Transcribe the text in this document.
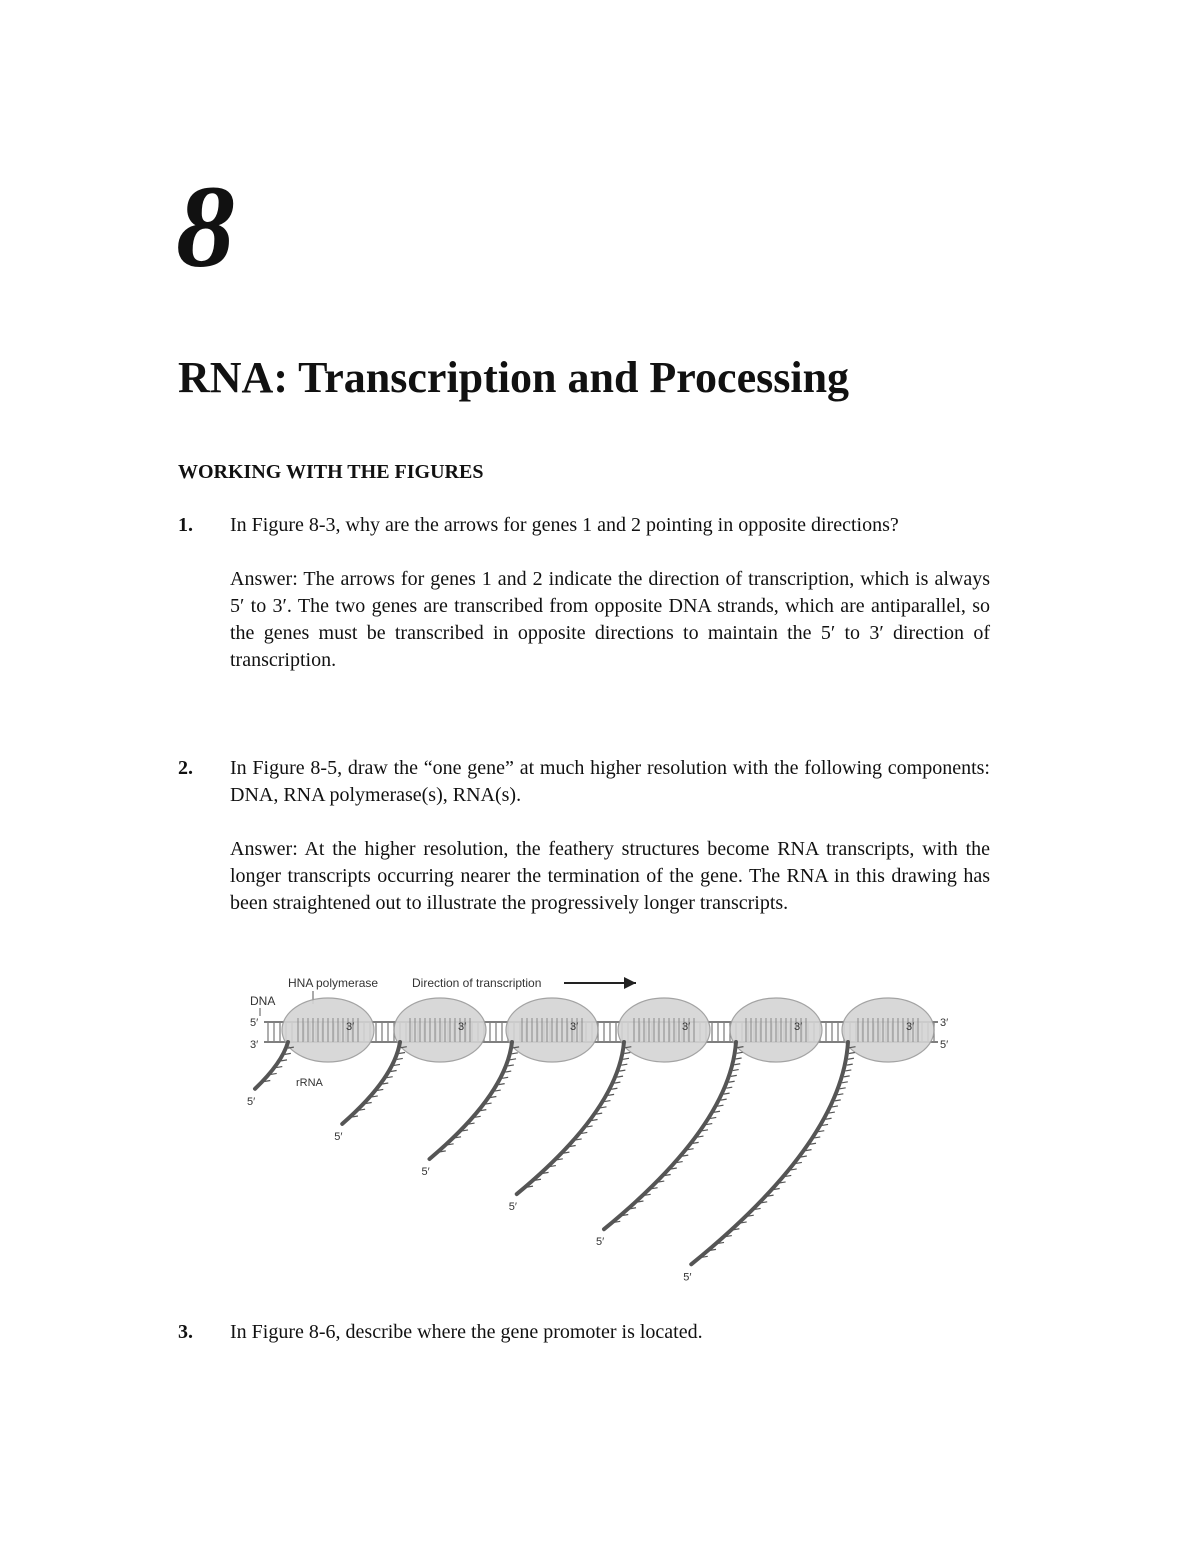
8
RNA: Transcription and Processing
WORKING WITH THE FIGURES
1. In Figure 8-3, why are the arrows for genes 1 and 2 pointing in opposite directions?
Answer: The arrows for genes 1 and 2 indicate the direction of transcription, which is always 5′ to 3′. The two genes are transcribed from opposite DNA strands, which are antiparallel, so the genes must be transcribed in opposite directions to maintain the 5′ to 3′ direction of transcription.
2. In Figure 8-5, draw the “one gene” at much higher resolution with the following components: DNA, RNA polymerase(s), RNA(s).
Answer: At the higher resolution, the feathery structures become RNA transcripts, with the longer transcripts occurring nearer the termination of the gene. The RNA in this drawing has been straightened out to illustrate the progressively longer transcripts.
HNA polymerase	Direction of transcription
DNA
5′
3′
3′
5′
rRNA
3′	3′	3′	3′	3′	3′
5′
5′
5′
5′
5′
5′
3. In Figure 8-6, describe where the gene promoter is located.
